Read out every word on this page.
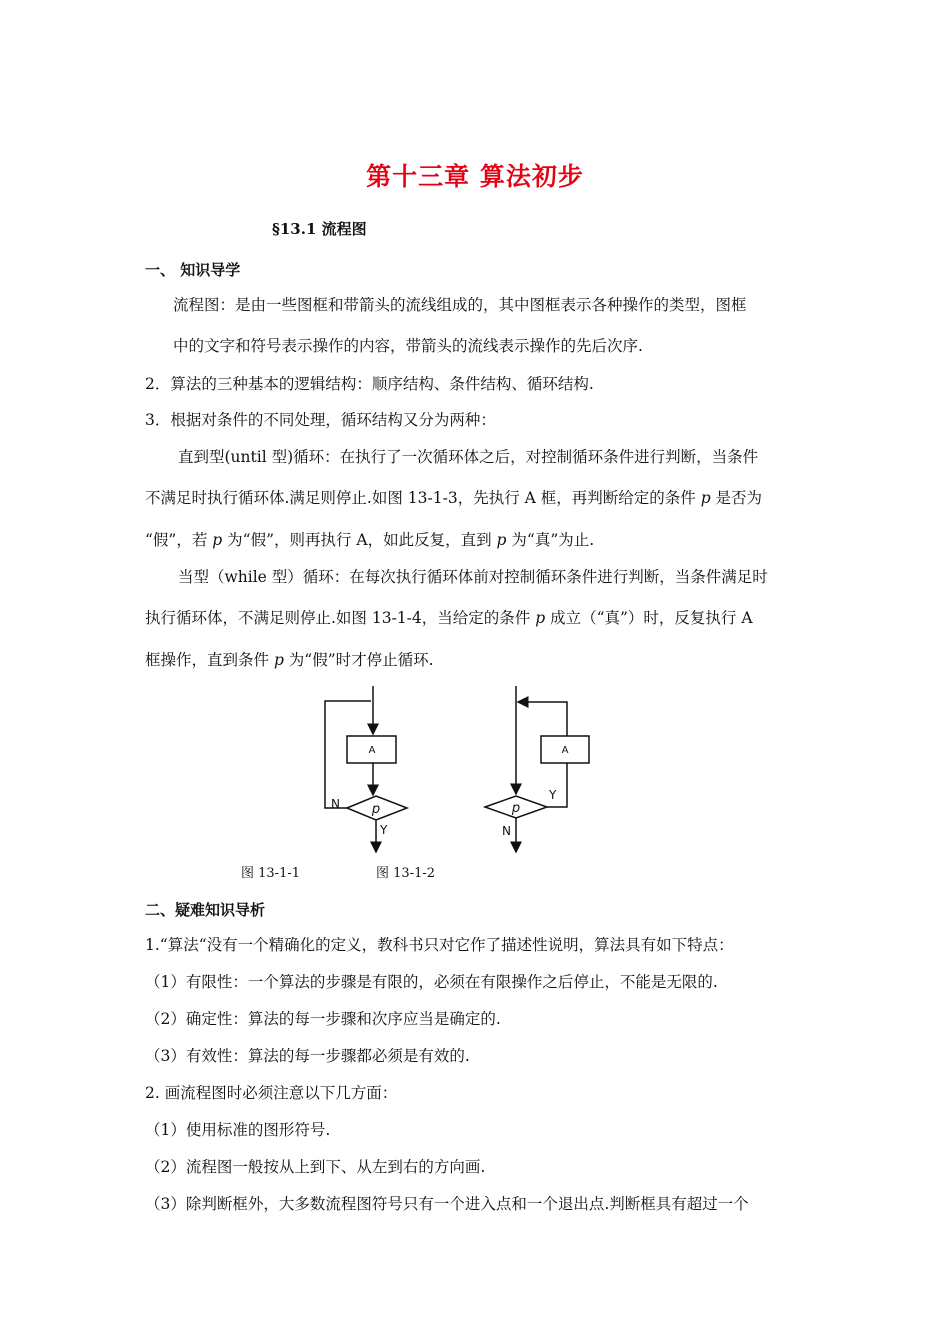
第十三章 算法初步
§13.1 流程图
一、 知识导学
流程图：是由一些图框和带箭头的流线组成的，其中图框表示各种操作的类型，图框
中的文字和符号表示操作的内容，带箭头的流线表示操作的先后次序.
2．算法的三种基本的逻辑结构：顺序结构、条件结构、循环结构.
3．根据对条件的不同处理，循环结构又分为两种：
直到型(until 型)循环：在执行了一次循环体之后，对控制循环条件进行判断，当条件
不满足时执行循环体.满足则停止.如图 13-1-3，先执行 A 框，再判断给定的条件 p 是否为
“假”，若 p 为“假”，则再执行 A，如此反复，直到 p 为“真”为止.
当型（while 型）循环：在每次执行循环体前对控制循环条件进行判断，当条件满足时
执行循环体，不满足则停止.如图 13-1-4，当给定的条件 p 成立（“真”）时，反复执行 A
框操作，直到条件 p 为“假”时才停止循环.
A
p
N
Y
A
p
Y
N
图 13-1-1	图 13-1-2
二、疑难知识导析
1.“算法“没有一个精确化的定义，教科书只对它作了描述性说明，算法具有如下特点：
（1）有限性：一个算法的步骤是有限的，必须在有限操作之后停止，不能是无限的.
（2）确定性：算法的每一步骤和次序应当是确定的.
（3）有效性：算法的每一步骤都必须是有效的.
2. 画流程图时必须注意以下几方面：
（1）使用标准的图形符号.
（2）流程图一般按从上到下、从左到右的方向画.
（3）除判断框外，大多数流程图符号只有一个进入点和一个退出点.判断框具有超过一个
